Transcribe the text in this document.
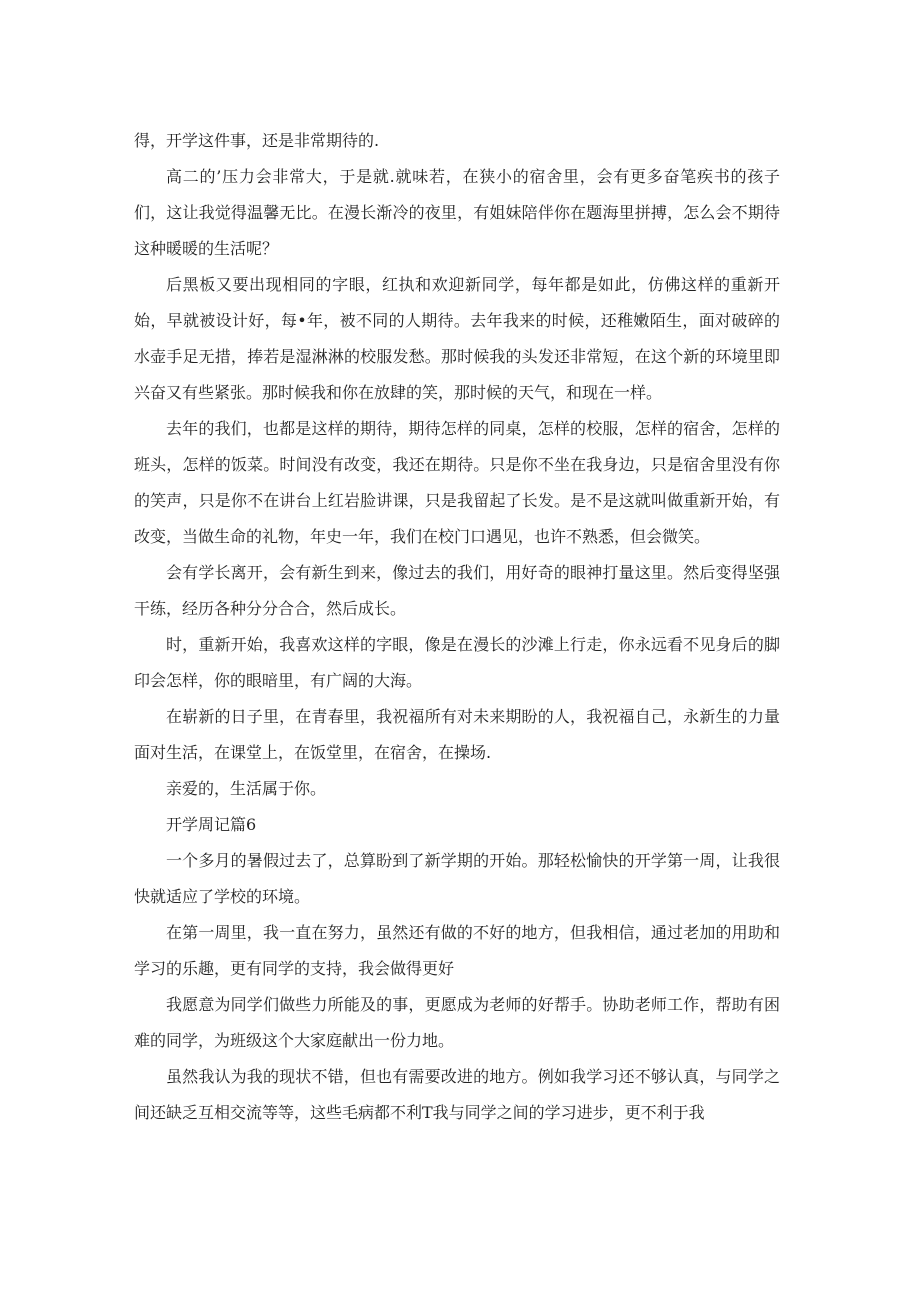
得，开学这件事，还是非常期待的.

高二的’压力会非常大，于是就.就味若，在狭小的宿舍里，会有更多奋笔疾书的孩子们，这让我觉得温馨无比。在漫长渐冷的夜里，有姐妹陪伴你在题海里拼搏，怎么会不期待这种暖暖的生活呢？

后黑板又要出现相同的字眼，红执和欢迎新同学，每年都是如此，仿佛这样的重新开始，早就被设计好，每•年，被不同的人期待。去年我来的时候，还稚嫩陌生，面对破碎的水壶手足无措，捧若是湿淋淋的校服发愁。那时候我的头发还非常短，在这个新的环境里即兴奋又有些紧张。那时候我和你在放肆的笑，那时候的天气，和现在一样。

去年的我们，也都是这样的期待，期待怎样的同桌，怎样的校服，怎样的宿舍，怎样的班头，怎样的饭菜。时间没有改变，我还在期待。只是你不坐在我身边，只是宿舍里没有你的笑声，只是你不在讲台上红岩脸讲课，只是我留起了长发。是不是这就叫做重新开始，有改变，当做生命的礼物，年史一年，我们在校门口遇见，也许不熟悉，但会微笑。

会有学长离开，会有新生到来，像过去的我们，用好奇的眼神打量这里。然后变得坚强干练，经历各种分分合合，然后成长。

时，重新开始，我喜欢这样的字眼，像是在漫长的沙滩上行走，你永远看不见身后的脚印会怎样，你的眼暗里，有广阔的大海。

在崭新的日子里，在青春里，我祝福所有对未来期盼的人，我祝福自己，永新生的力量面对生活，在课堂上，在饭堂里，在宿舍，在操场.

亲爱的，生活属于你。

开学周记篇6

一个多月的暑假过去了，总算盼到了新学期的开始。那轻松愉快的开学第一周，让我很快就适应了学校的环境。

在第一周里，我一直在努力，虽然还有做的不好的地方，但我相信，通过老加的用助和学习的乐趣，更有同学的支持，我会做得更好

我愿意为同学们做些力所能及的事，更愿成为老师的好帮手。协助老师工作，帮助有困难的同学，为班级这个大家庭献出一份力地。

虽然我认为我的现状不错，但也有需要改进的地方。例如我学习还不够认真，与同学之间还缺乏互相交流等等，这些毛病都不利T我与同学之间的学习进步，更不利于我
